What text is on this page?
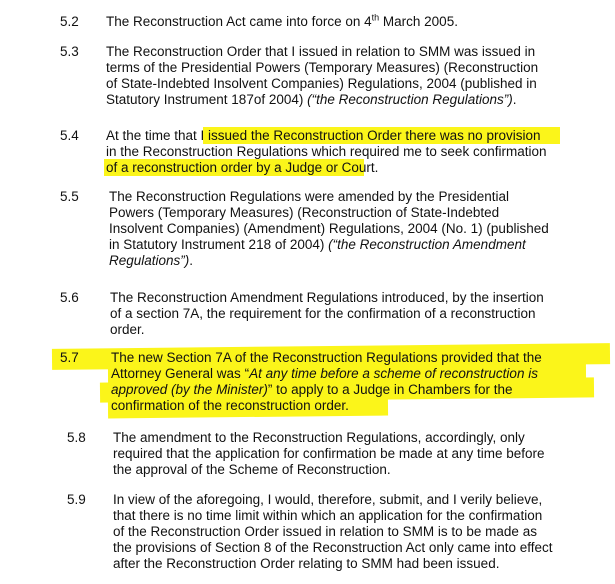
5.2 The Reconstruction Act came into force on 4th March 2005.
5.3 The Reconstruction Order that I issued in relation to SMM was issued in
terms of the Presidential Powers (Temporary Measures) (Reconstruction
of State-Indebted Insolvent Companies) Regulations, 2004 (published in
Statutory Instrument 187of 2004) (“the Reconstruction Regulations”).
5.4 At the time that I issued the Reconstruction Order there was no provision
in the Reconstruction Regulations which required me to seek confirmation
of a reconstruction order by a Judge or Court.
5.5 The Reconstruction Regulations were amended by the Presidential
Powers (Temporary Measures) (Reconstruction of State-Indebted
Insolvent Companies) (Amendment) Regulations, 2004 (No. 1) (published
in Statutory Instrument 218 of 2004) (“the Reconstruction Amendment
Regulations”).
5.6 The Reconstruction Amendment Regulations introduced, by the insertion
of a section 7A, the requirement for the confirmation of a reconstruction
order.
5.7 The new Section 7A of the Reconstruction Regulations provided that the
Attorney General was “At any time before a scheme of reconstruction is
approved (by the Minister)” to apply to a Judge in Chambers for the
confirmation of the reconstruction order.
5.8 The amendment to the Reconstruction Regulations, accordingly, only
required that the application for confirmation be made at any time before
the approval of the Scheme of Reconstruction.
5.9 In view of the aforegoing, I would, therefore, submit, and I verily believe,
that there is no time limit within which an application for the confirmation
of the Reconstruction Order issued in relation to SMM is to be made as
the provisions of Section 8 of the Reconstruction Act only came into effect
after the Reconstruction Order relating to SMM had been issued.
